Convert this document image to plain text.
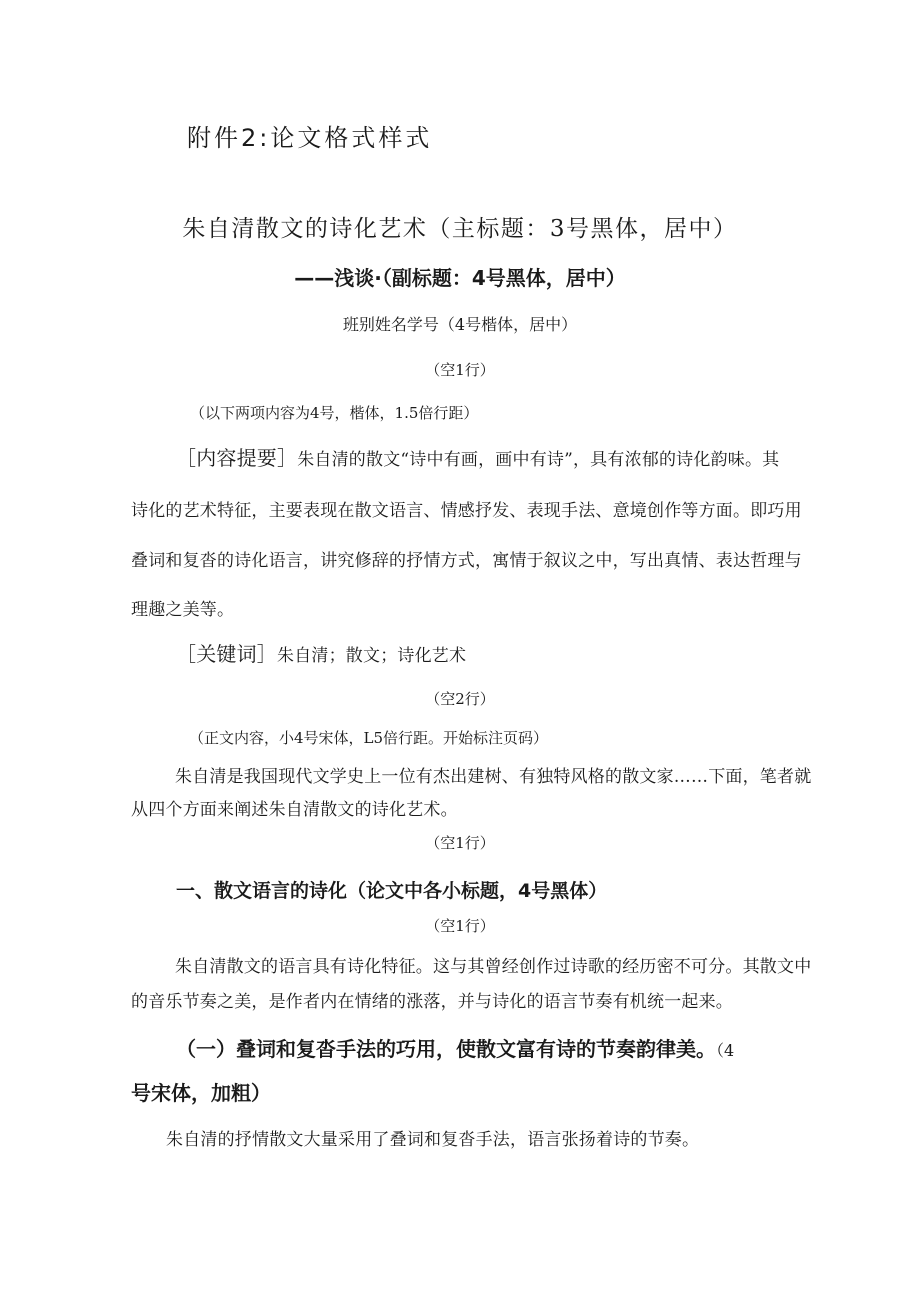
附件2:论文格式样式

朱自清散文的诗化艺术（主标题：3号黑体，居中）

——浅谈·（副标题：4号黑体，居中）

班别姓名学号（4号楷体，居中）

（空1行）

（以下两项内容为4号，楷体，1.5倍行距）

［内容提要］朱自清的散文“诗中有画，画中有诗”，具有浓郁的诗化韵味。其

诗化的艺术特征，主要表现在散文语言、情感抒发、表现手法、意境创作等方面。即巧用

叠词和复沓的诗化语言，讲究修辞的抒情方式，寓情于叙议之中，写出真情、表达哲理与

理趣之美等。

［关键词］朱自清；散文；诗化艺术

（空2行）

（正文内容，小4号宋体，L5倍行距。开始标注页码）

朱自清是我国现代文学史上一位有杰出建树、有独特风格的散文家……下面，笔者就

从四个方面来阐述朱自清散文的诗化艺术。

（空1行）

一、散文语言的诗化（论文中各小标题，4号黑体）

（空1行）

朱自清散文的语言具有诗化特征。这与其曾经创作过诗歌的经历密不可分。其散文中

的音乐节奏之美，是作者内在情绪的涨落，并与诗化的语言节奏有机统一起来。

（一）叠词和复沓手法的巧用，使散文富有诗的节奏韵律美。（4

号宋体，加粗）

朱自清的抒情散文大量采用了叠词和复沓手法，语言张扬着诗的节奏。
